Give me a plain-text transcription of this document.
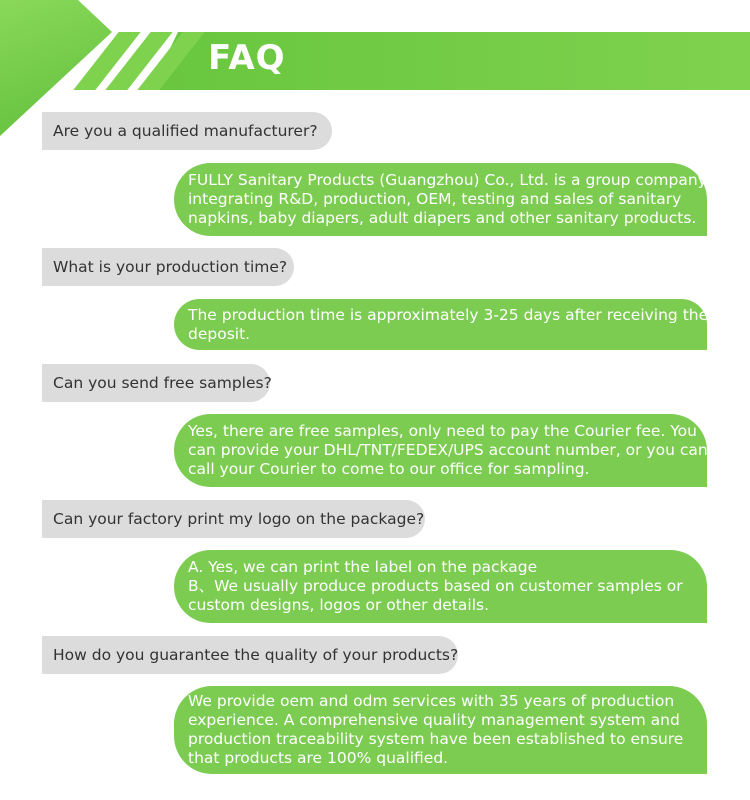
FAQ
Are you a qualified manufacturer?
FULLY Sanitary Products (Guangzhou) Co., Ltd. is a group company
integrating R&D, production, OEM, testing and sales of sanitary
napkins, baby diapers, adult diapers and other sanitary products.
What is your production time?
The production time is approximately 3-25 days after receiving the
deposit.
Can you send free samples?
Yes, there are free samples, only need to pay the Courier fee. You
can provide your DHL/TNT/FEDEX/UPS account number, or you can
call your Courier to come to our office for sampling.
Can your factory print my logo on the package?
A. Yes, we can print the label on the package
B、We usually produce products based on customer samples or
custom designs, logos or other details.
How do you guarantee the quality of your products?
We provide oem and odm services with 35 years of production
experience. A comprehensive quality management system and
production traceability system have been established to ensure
that products are 100% qualified.
